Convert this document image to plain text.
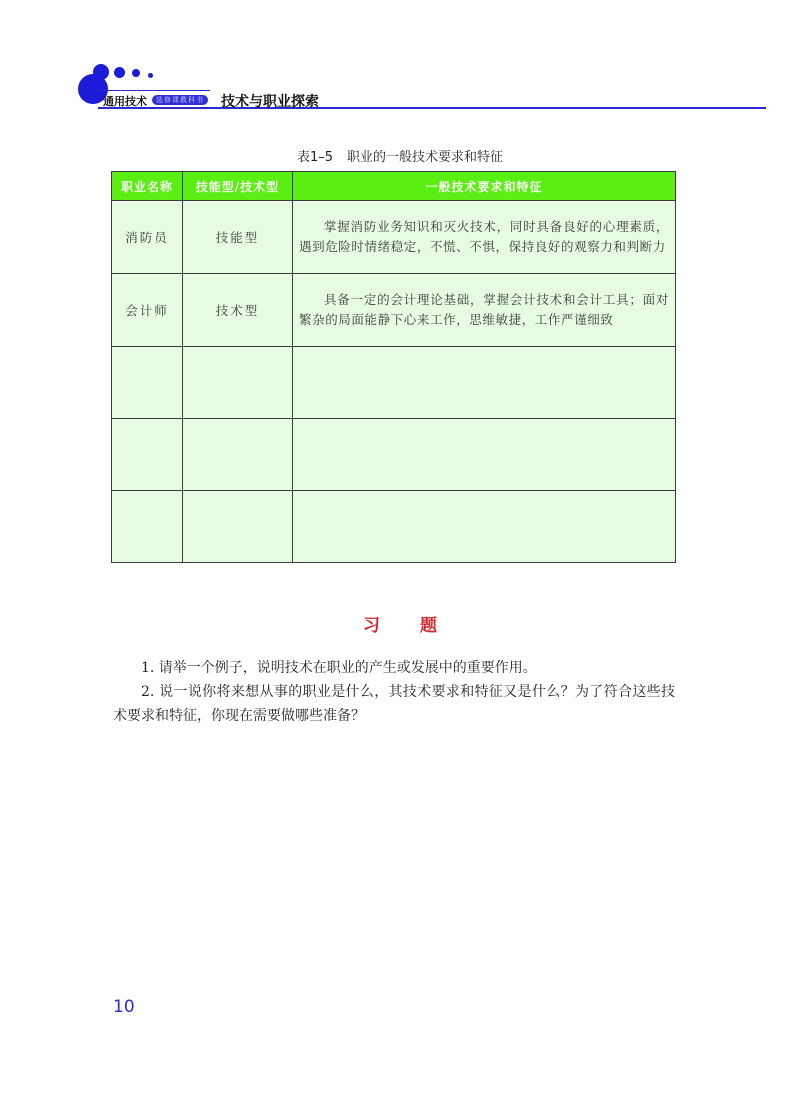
通用技术	选修课教科书 技术与职业探索
表1–5 职业的一般技术要求和特征
职业名称	技能型/技术型	一般技术要求和特征
消防员	技能型	掌握消防业务知识和灭火技术，同时具备良好的心理素质，遇到危险时情绪稳定，不慌、不惧，保持良好的观察力和判断力
会计师	技术型	具备一定的会计理论基础，掌握会计技术和会计工具；面对繁杂的局面能静下心来工作，思维敏捷，工作严谨细致

习 题
1. 请举一个例子，说明技术在职业的产生或发展中的重要作用。
2. 说一说你将来想从事的职业是什么，其技术要求和特征又是什么？为了符合这些技术要求和特征，你现在需要做哪些准备？
10
